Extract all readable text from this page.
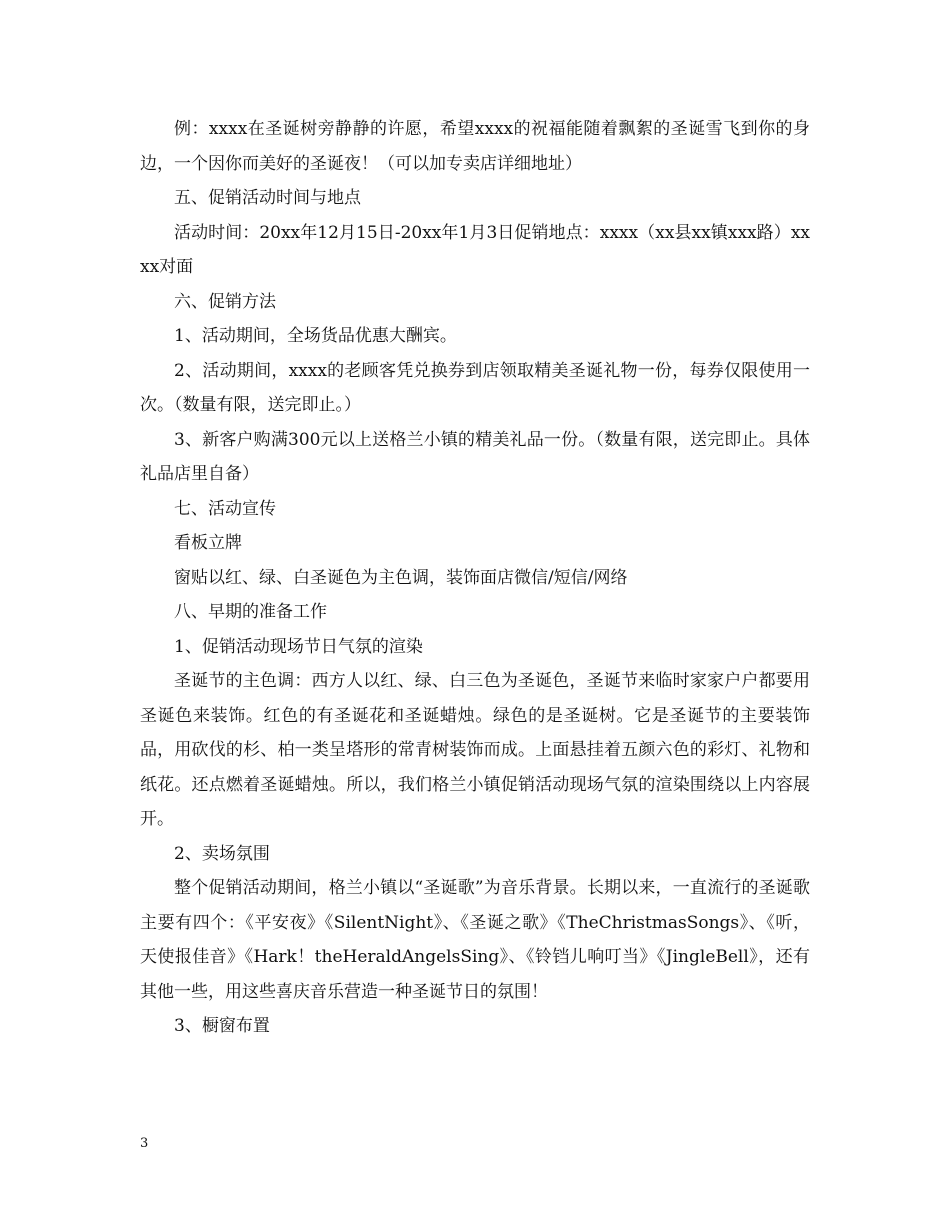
例：xxxx在圣诞树旁静静的许愿，希望xxxx的祝福能随着飘絮的圣诞雪飞到你的身边，一个因你而美好的圣诞夜！（可以加专卖店详细地址）

五、促销活动时间与地点

活动时间：20xx年12月15日-20xx年1月3日促销地点：xxxx（xx县xx镇xxx路）xxxx对面

六、促销方法

1、活动期间，全场货品优惠大酬宾。

2、活动期间，xxxx的老顾客凭兑换券到店领取精美圣诞礼物一份，每券仅限使用一次。（数量有限，送完即止。）

3、新客户购满300元以上送格兰小镇的精美礼品一份。（数量有限，送完即止。具体礼品店里自备）

七、活动宣传

看板立牌

窗贴以红、绿、白圣诞色为主色调，装饰面店微信/短信/网络

八、早期的准备工作

1、促销活动现场节日气氛的渲染

圣诞节的主色调：西方人以红、绿、白三色为圣诞色，圣诞节来临时家家户户都要用圣诞色来装饰。红色的有圣诞花和圣诞蜡烛。绿色的是圣诞树。它是圣诞节的主要装饰品，用砍伐的杉、柏一类呈塔形的常青树装饰而成。上面悬挂着五颜六色的彩灯、礼物和纸花。还点燃着圣诞蜡烛。所以，我们格兰小镇促销活动现场气氛的渲染围绕以上内容展开。

2、卖场氛围

整个促销活动期间，格兰小镇以“圣诞歌”为音乐背景。长期以来，一直流行的圣诞歌主要有四个：《平安夜》《SilentNight》、《圣诞之歌》《TheChristmasSongs》、《听，天使报佳音》《Hark！theHeraldAngelsSing》、《铃铛儿响叮当》《JingleBell》，还有其他一些，用这些喜庆音乐营造一种圣诞节日的氛围！

3、橱窗布置

3
